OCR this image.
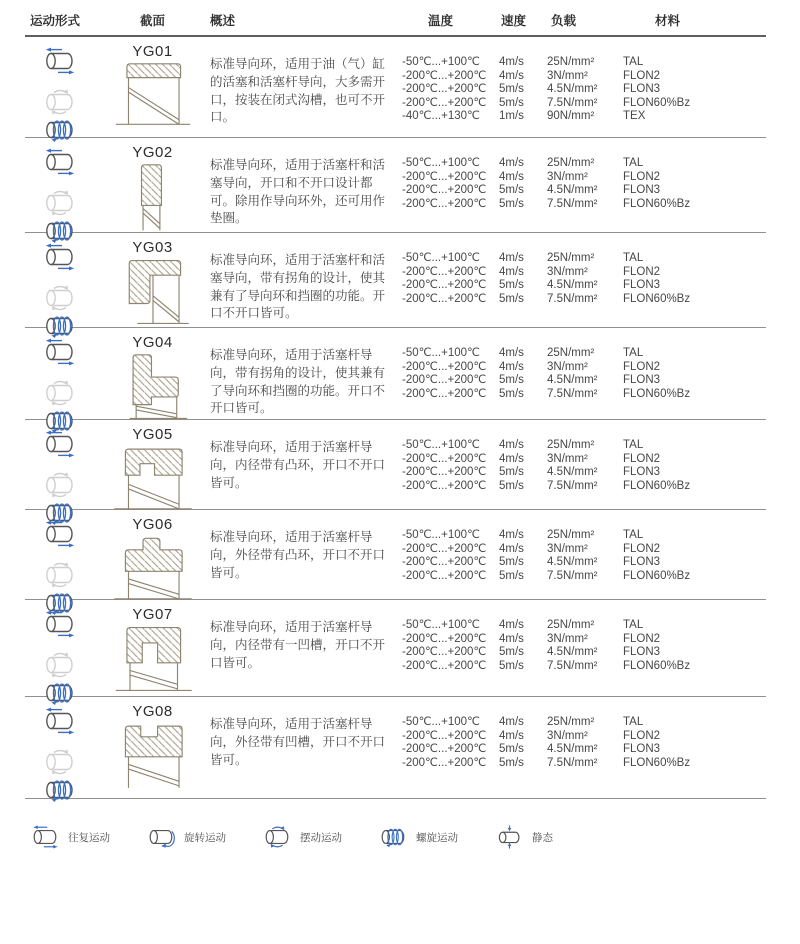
运动形式	截面	概述	温度	速度	负载	材料
YG01
标准导向环，适用于油（气）缸的活塞和活塞杆导向，大多需开口，按装在闭式沟槽，也可不开口。
-50℃...+100℃	4m/s	25N/mm²	TAL
-200℃...+200℃	4m/s	3N/mm²	FLON2
-200℃...+200℃	5m/s	4.5N/mm²	FLON3
-200℃...+200℃	5m/s	7.5N/mm²	FLON60%Bz
-40℃...+130℃	1m/s	90N/mm²	TEX
YG02
标准导向环，适用于活塞杆和活塞导向，开口和不开口设计都可。除用作导向环外，还可用作垫圈。
-50℃...+100℃	4m/s	25N/mm²	TAL
-200℃...+200℃	4m/s	3N/mm²	FLON2
-200℃...+200℃	5m/s	4.5N/mm²	FLON3
-200℃...+200℃	5m/s	7.5N/mm²	FLON60%Bz
YG03
标准导向环，适用于活塞杆和活塞导向，带有拐角的设计，使其兼有了导向环和挡圈的功能。开口不开口皆可。
-50℃...+100℃	4m/s	25N/mm²	TAL
-200℃...+200℃	4m/s	3N/mm²	FLON2
-200℃...+200℃	5m/s	4.5N/mm²	FLON3
-200℃...+200℃	5m/s	7.5N/mm²	FLON60%Bz
YG04
标准导向环，适用于活塞杆导向，带有拐角的设计，使其兼有了导向环和挡圈的功能。开口不开口皆可。
-50℃...+100℃	4m/s	25N/mm²	TAL
-200℃...+200℃	4m/s	3N/mm²	FLON2
-200℃...+200℃	5m/s	4.5N/mm²	FLON3
-200℃...+200℃	5m/s	7.5N/mm²	FLON60%Bz
YG05
标准导向环，适用于活塞杆导向，内径带有凸环，开口不开口皆可。
-50℃...+100℃	4m/s	25N/mm²	TAL
-200℃...+200℃	4m/s	3N/mm²	FLON2
-200℃...+200℃	5m/s	4.5N/mm²	FLON3
-200℃...+200℃	5m/s	7.5N/mm²	FLON60%Bz
YG06
标准导向环，适用于活塞杆导向，外径带有凸环，开口不开口皆可。
-50℃...+100℃	4m/s	25N/mm²	TAL
-200℃...+200℃	4m/s	3N/mm²	FLON2
-200℃...+200℃	5m/s	4.5N/mm²	FLON3
-200℃...+200℃	5m/s	7.5N/mm²	FLON60%Bz
YG07
标准导向环，适用于活塞杆导向，内径带有一凹槽，开口不开口皆可。
-50℃...+100℃	4m/s	25N/mm²	TAL
-200℃...+200℃	4m/s	3N/mm²	FLON2
-200℃...+200℃	5m/s	4.5N/mm²	FLON3
-200℃...+200℃	5m/s	7.5N/mm²	FLON60%Bz
YG08
标准导向环，适用于活塞杆导向，外径带有凹槽，开口不开口皆可。
-50℃...+100℃	4m/s	25N/mm²	TAL
-200℃...+200℃	4m/s	3N/mm²	FLON2
-200℃...+200℃	5m/s	4.5N/mm²	FLON3
-200℃...+200℃	5m/s	7.5N/mm²	FLON60%Bz
往复运动	旋转运动	摆动运动	螺旋运动	静态
